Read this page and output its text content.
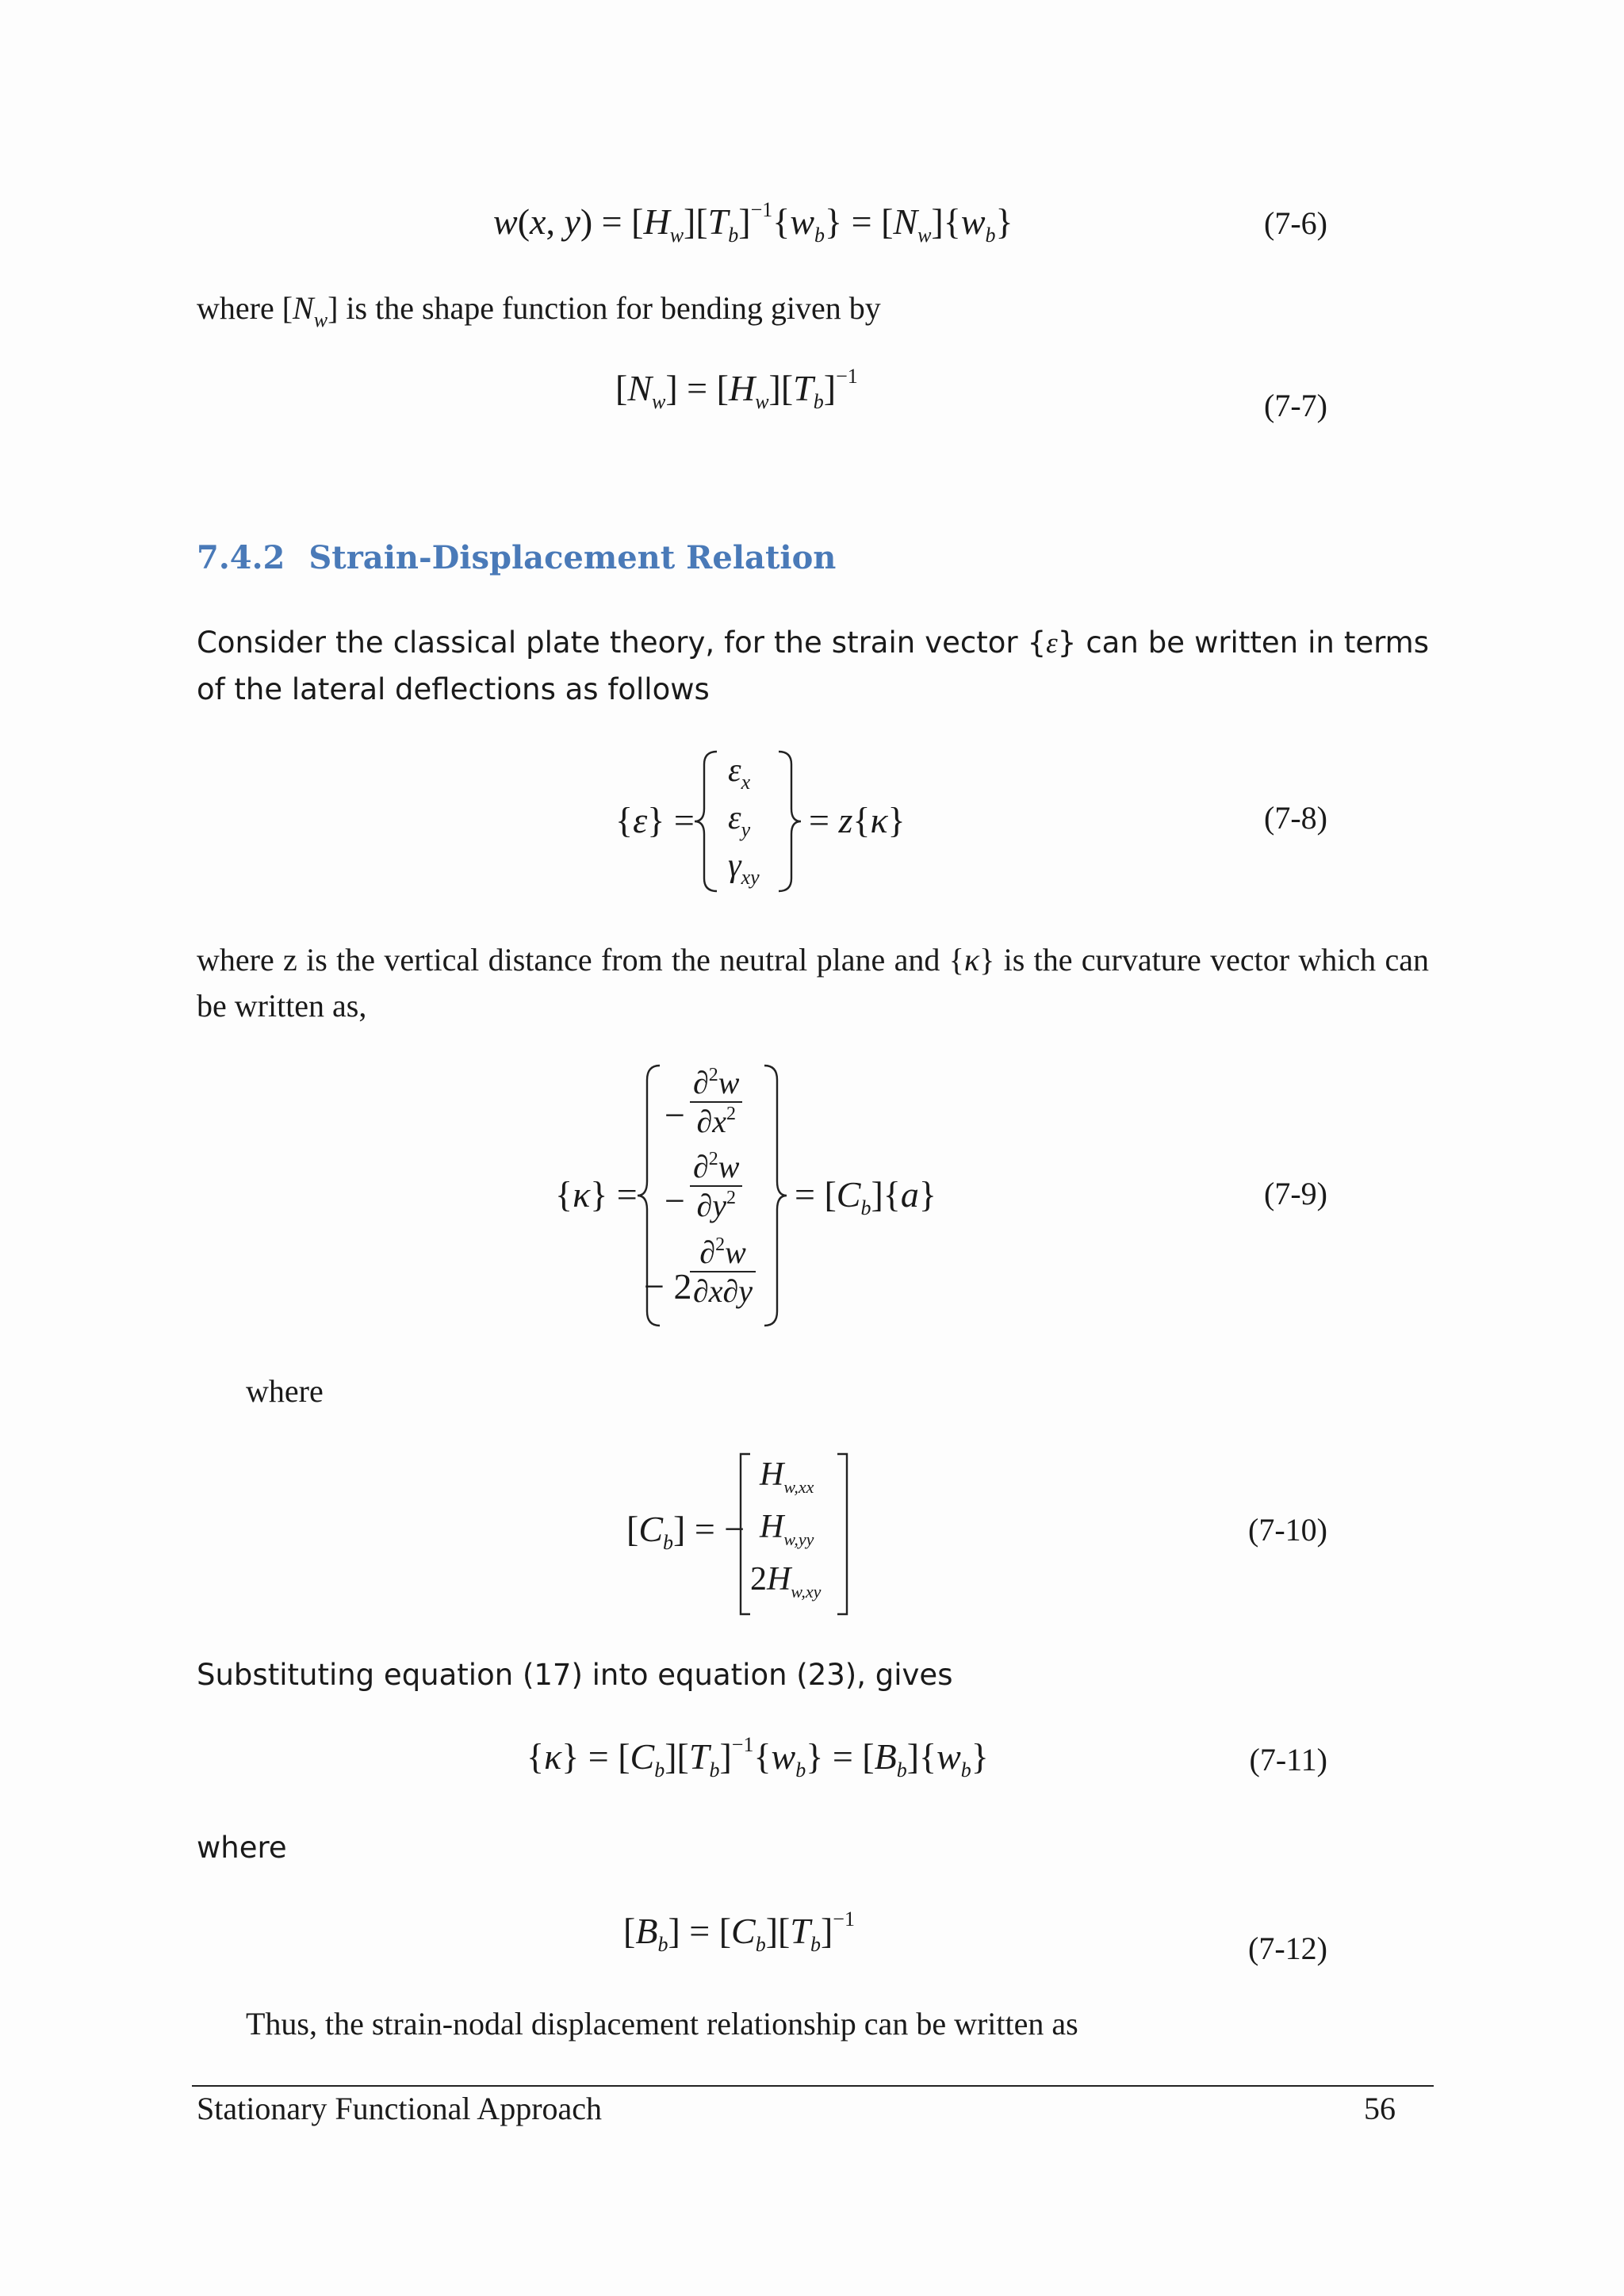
w(x, $y) = [H_w][T_b]^{-1}\{w_b\} = [N_w]\{w_b\}$	(7-6)
where $[N_w]$ is the shape function for bending given by
$[N_w] = [H_w][T_b]^{-1}$
(7-7)
7.4.2 Strain-Displacement Relation
Consider the classical plate theory, for the strain vector {ε} can be written in terms of the lateral deflections as follows
{ε} =
$\varepsilon_x$
$\varepsilon_y$
$\gamma_{xy}$
= z{κ}	(7-8)
where z is the vertical distance from the neutral plane and {κ} is the curvature vector which can be written as,
{κ} =
− $\frac{\partial^2w}{\partial x^2}$
− $\frac{\partial^2w}{\partial y^2}$
− 2
$\frac{\partial^2w}{\partial x\partial y}$
= $[C_b]\{a\}$	(7-9)
where
$[C_b]$ = −
$H_{w,xx}$
$H_{w,yy}$
$2H_{w,xy}$
(7-10)
Substituting equation (17) into equation (23), gives
$\{\kappa\} = [C_b][T_b]^{-1}\{w_b\} = [B_b]\{w_b\}$	(7-11)
where
$[B_b] = [C_b][T_b]^{-1}$
(7-12)
Thus, the strain-nodal displacement relationship can be written as
Stationary Functional Approach	56
